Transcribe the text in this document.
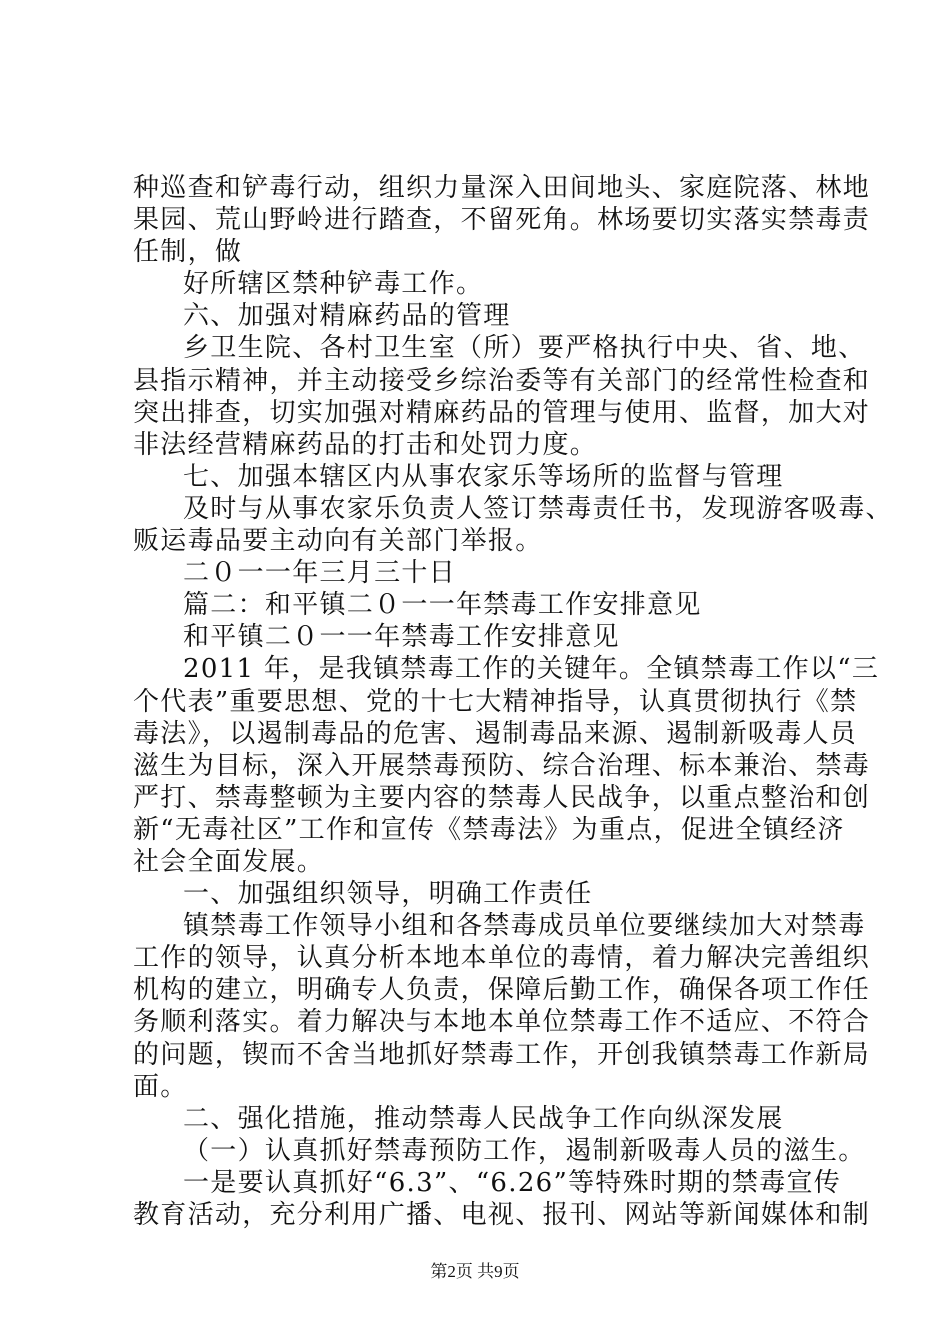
种巡查和铲毒行动，组织力量深入田间地头、家庭院落、林地
果园、荒山野岭进行踏查，不留死角。林场要切实落实禁毒责
任制，做
好所辖区禁种铲毒工作。
六、加强对精麻药品的管理
乡卫生院、各村卫生室（所）要严格执行中央、省、地、
县指示精神，并主动接受乡综治委等有关部门的经常性检查和
突出排查，切实加强对精麻药品的管理与使用、监督，加大对
非法经营精麻药品的打击和处罚力度。
七、加强本辖区内从事农家乐等场所的监督与管理
及时与从事农家乐负责人签订禁毒责任书，发现游客吸毒、
贩运毒品要主动向有关部门举报。
二０一一年三月三十日
篇二：和平镇二０一一年禁毒工作安排意见
和平镇二０一一年禁毒工作安排意见
2011 年，是我镇禁毒工作的关键年。全镇禁毒工作以“三
个代表”重要思想、党的十七大精神指导，认真贯彻执行《禁
毒法》，以遏制毒品的危害、遏制毒品来源、遏制新吸毒人员
滋生为目标，深入开展禁毒预防、综合治理、标本兼治、禁毒
严打、禁毒整顿为主要内容的禁毒人民战争，以重点整治和创
新“无毒社区”工作和宣传《禁毒法》为重点，促进全镇经济
社会全面发展。
一、加强组织领导，明确工作责任
镇禁毒工作领导小组和各禁毒成员单位要继续加大对禁毒
工作的领导，认真分析本地本单位的毒情，着力解决完善组织
机构的建立，明确专人负责，保障后勤工作，确保各项工作任
务顺利落实。着力解决与本地本单位禁毒工作不适应、不符合
的问题，锲而不舍当地抓好禁毒工作，开创我镇禁毒工作新局
面。
二、强化措施，推动禁毒人民战争工作向纵深发展
（一）认真抓好禁毒预防工作，遏制新吸毒人员的滋生。
一是要认真抓好“6.3”、“6.26”等特殊时期的禁毒宣传
教育活动，充分利用广播、电视、报刊、网站等新闻媒体和制
第2页 共9页
